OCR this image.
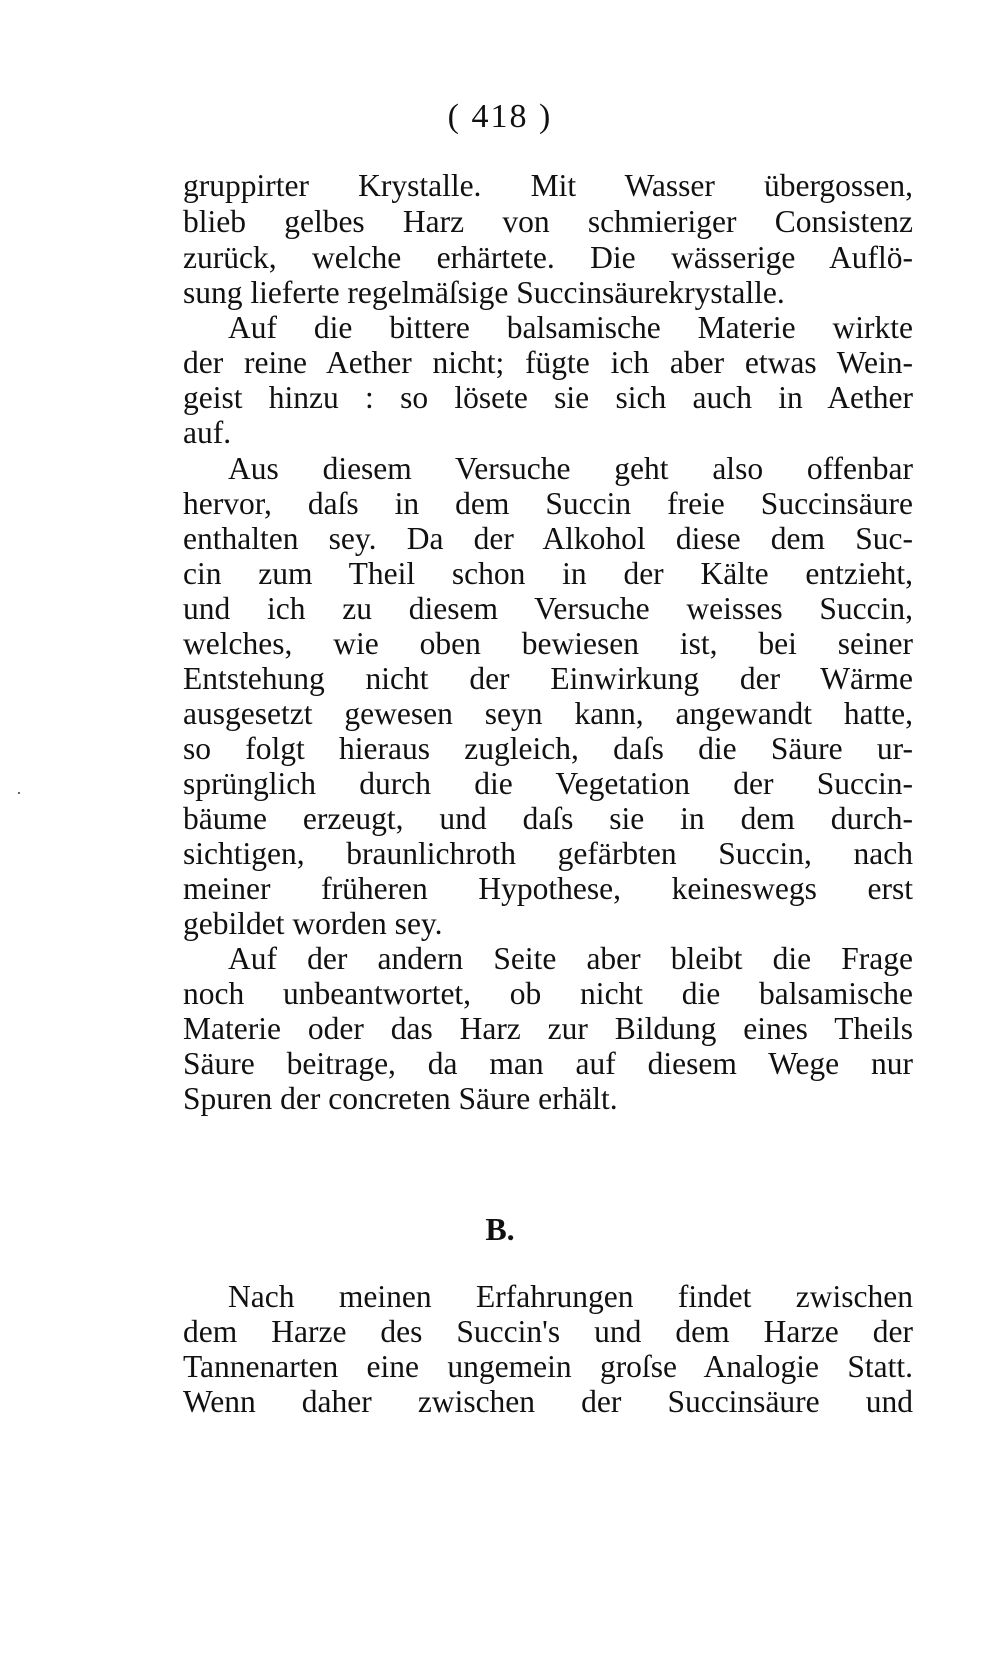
( 418 )
gruppirter Krystalle. Mit Wasser übergossen,
blieb gelbes Harz von schmieriger Consistenz
zurück, welche erhärtete. Die wässerige Auflö-
sung lieferte regelmäſsige Succinsäurekrystalle.
Auf die bittere balsamische Materie wirkte
der reine Aether nicht; fügte ich aber etwas Wein-
geist hinzu : so lösete sie sich auch in Aether
auf.
Aus diesem Versuche geht also offenbar
hervor, daſs in dem Succin freie Succinsäure
enthalten sey. Da der Alkohol diese dem Suc-
cin zum Theil schon in der Kälte entzieht,
und ich zu diesem Versuche weisses Succin,
welches, wie oben bewiesen ist, bei seiner
Entstehung nicht der Einwirkung der Wärme
ausgesetzt gewesen seyn kann, angewandt hatte,
so folgt hieraus zugleich, daſs die Säure ur-
sprünglich durch die Vegetation der Succin-
bäume erzeugt, und daſs sie in dem durch-
sichtigen, braunlichroth gefärbten Succin, nach
meiner früheren Hypothese, keineswegs erst
gebildet worden sey.
Auf der andern Seite aber bleibt die Frage
noch unbeantwortet, ob nicht die balsamische
Materie oder das Harz zur Bildung eines Theils
Säure beitrage, da man auf diesem Wege nur
Spuren der concreten Säure erhält.
B.
Nach meinen Erfahrungen findet zwischen
dem Harze des Succin's und dem Harze der
Tannenarten eine ungemein groſse Analogie Statt.
Wenn daher zwischen der Succinsäure und
